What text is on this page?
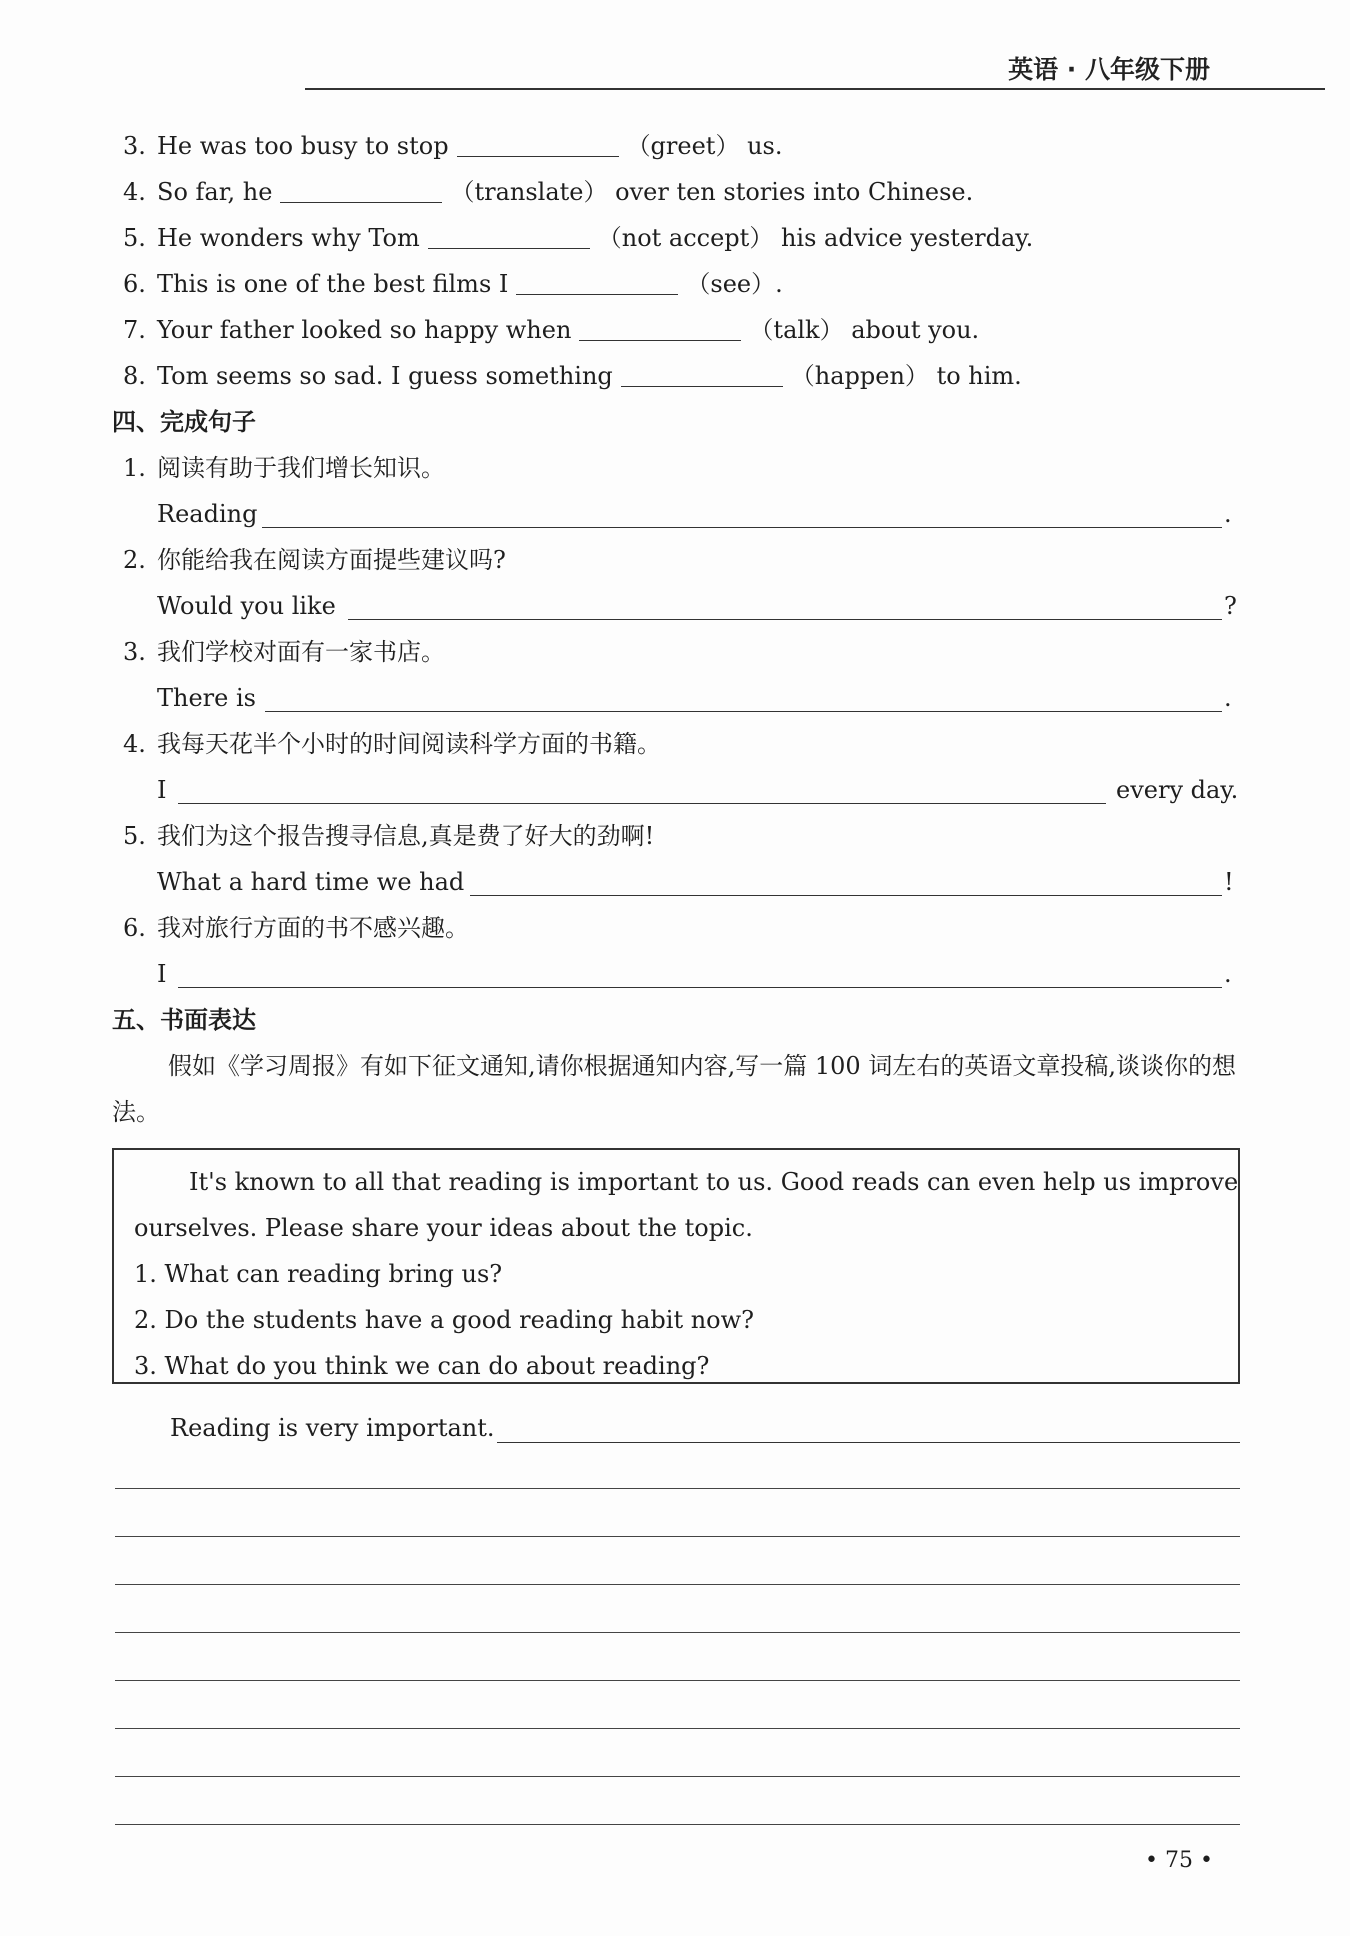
英语 · 八年级下册
3. He was too busy to stop	（greet） us.
4. So far, he	（translate） over ten stories into Chinese.
5. He wonders why Tom	（not accept） his advice yesterday.
6. This is one of the best films I	（see）.
7. Your father looked so happy when	（talk） about you.
8. Tom seems so sad. I guess something	（happen） to him.
四、完成句子
1. 阅读有助于我们增长知识。
Reading	.
2. 你能给我在阅读方面提些建议吗?
Would you like	?
3. 我们学校对面有一家书店。
There is	.
4. 我每天花半个小时的时间阅读科学方面的书籍。
I	every day.
5. 我们为这个报告搜寻信息,真是费了好大的劲啊!
What a hard time we had	!
6. 我对旅行方面的书不感兴趣。
I	.
五、书面表达
假如《学习周报》有如下征文通知,请你根据通知内容,写一篇 100 词左右的英语文章投稿,谈谈你的想法。
It's known to all that reading is important to us. Good reads can even help us improve
ourselves. Please share your ideas about the topic.
1. What can reading bring us?
2. Do the students have a good reading habit now?
3. What do you think we can do about reading?
Reading is very important.
• 75 •
